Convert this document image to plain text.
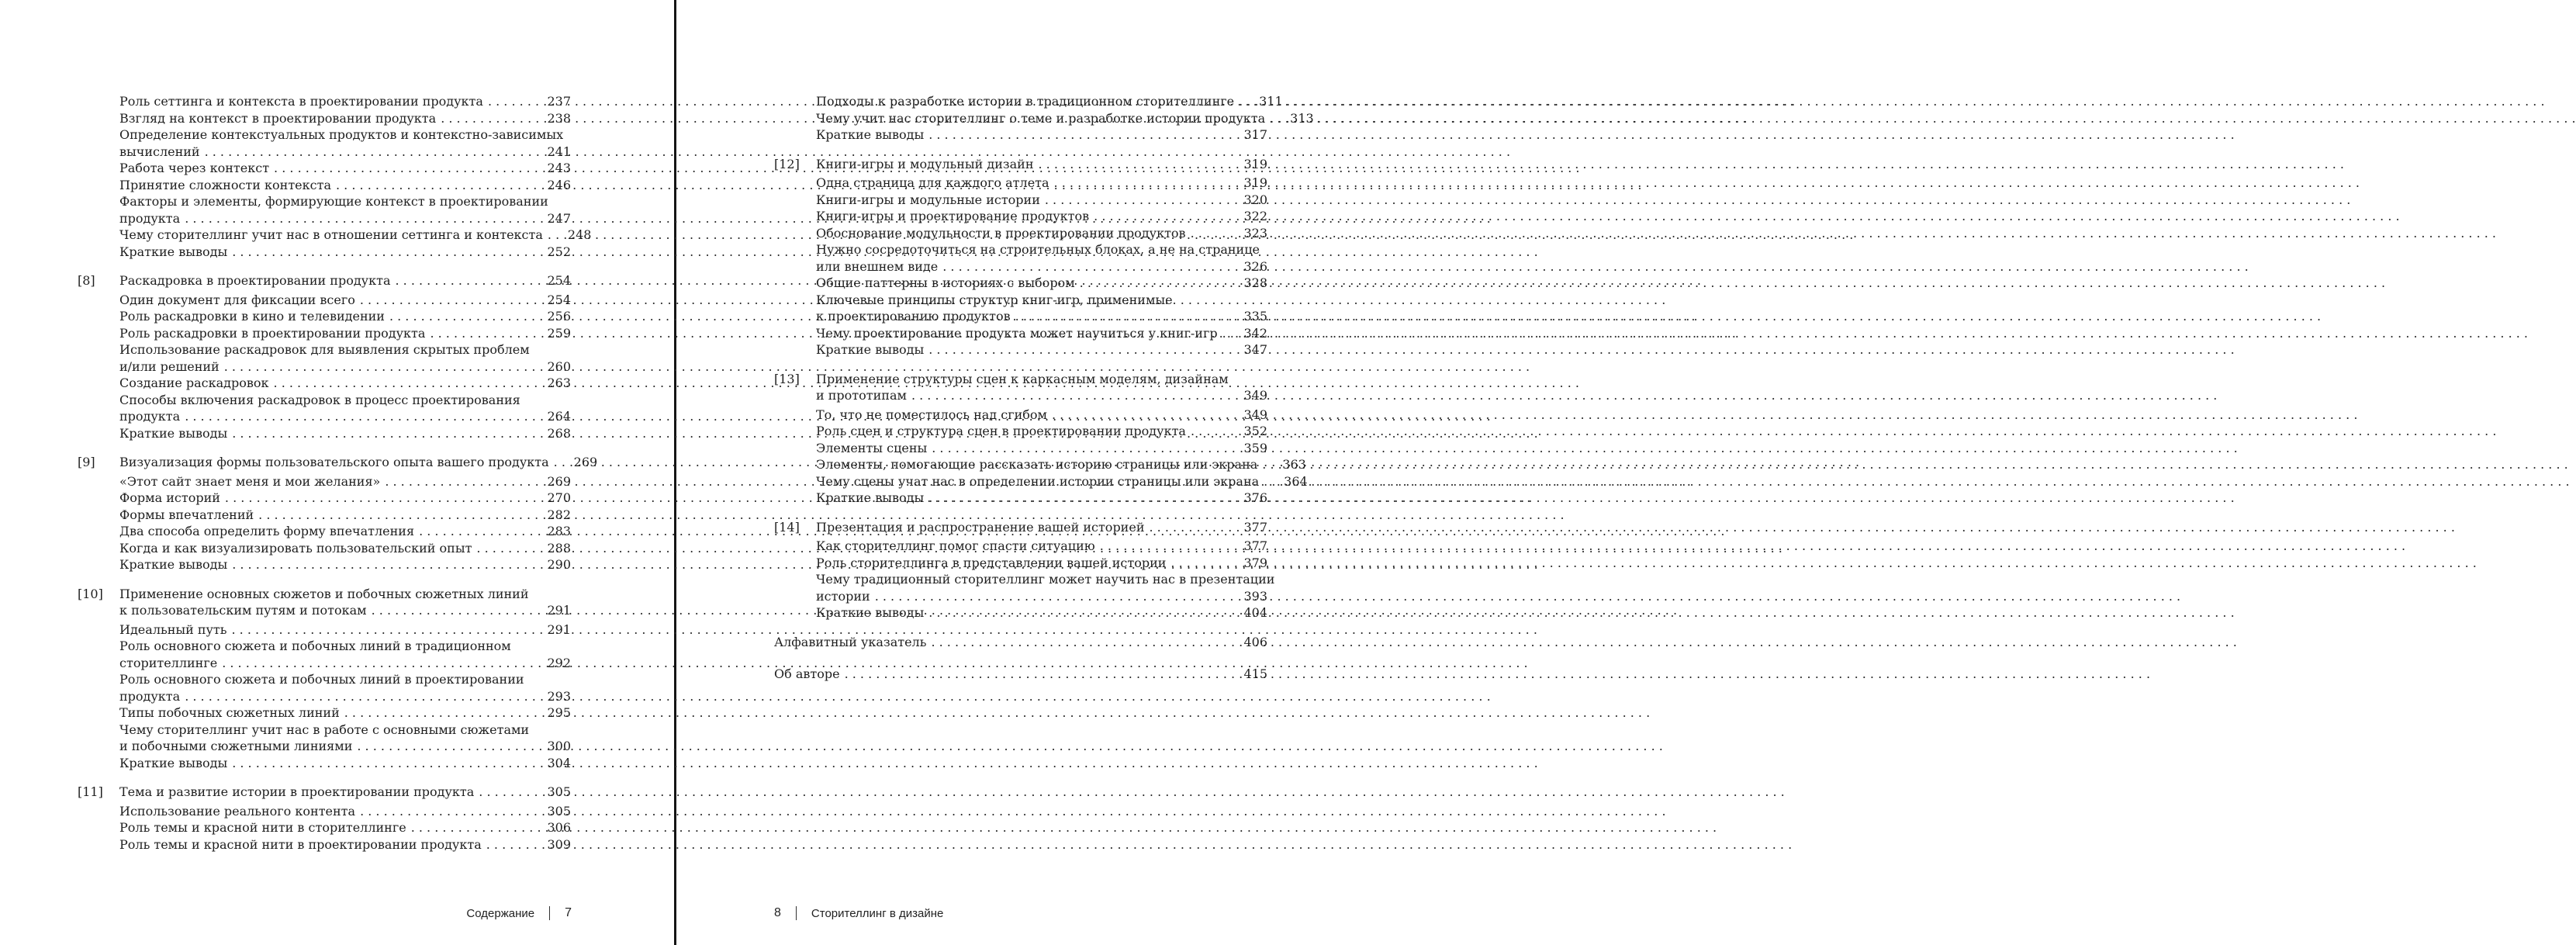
Роль сеттинга и контекста в проектировании продукта . . .	237
Взгляд на контекст в проектировании продукта . . .	238
Определение контекстуальных продуктов и контекстно-зависимых
вычислений . . .	241
Работа через контекст . . .	243
Принятие сложности контекста . . .	246
Факторы и элементы, формирующие контекст в проектировании
продукта . . .	247
Чему сторителлинг учит нас в отношении сеттинга и контекста . . .	248
Краткие выводы . . .	252
[8]	Раскадровка в проектировании продукта . . .	254
Один документ для фиксации всего . . .	254
Роль раскадровки в кино и телевидении . . .	256
Роль раскадровки в проектировании продукта . . .	259
Использование раскадровок для выявления скрытых проблем
и/или решений . . .	260
Создание раскадровок . . .	263
Способы включения раскадровок в процесс проектирования
продукта . . .	264
Краткие выводы . . .	268
[9]	Визуализация формы пользовательского опыта вашего продукта . . .	269
«Этот сайт знает меня и мои желания» . . .	269
Форма историй . . .	270
Формы впечатлений . . .	282
Два способа определить форму впечатления . . .	283
Когда и как визуализировать пользовательский опыт . . .	288
Краткие выводы . . .	290
[10]	Применение основных сюжетов и побочных сюжетных линий
к пользовательским путям и потокам . . .	291
Идеальный путь . . .	291
Роль основного сюжета и побочных линий в традиционном
сторителлинге . . .	292
Роль основного сюжета и побочных линий в проектировании
продукта . . .	293
Типы побочных сюжетных линий . . .	295
Чему сторителлинг учит нас в работе с основными сюжетами
и побочными сюжетными линиями . . .	300
Краткие выводы . . .	304
[11]	Тема и развитие истории в проектировании продукта . . .	305
Использование реального контента . . .	305
Роль темы и красной нити в сторителлинге . . .	306
Роль темы и красной нити в проектировании продукта . . .	309
Содержание 7
Подходы к разработке истории в традиционном сторителлинге . . .	311
Чему учит нас сторителлинг о теме и разработке истории продукта . . .	313
Краткие выводы . . .	317
[12]	Книги-игры и модульный дизайн . . .	319
Одна страница для каждого атлета . . .	319
Книги-игры и модульные истории . . .	320
Книги-игры и проектирование продуктов . . .	322
Обоснование модульности в проектировании продуктов . . .	323
Нужно сосредоточиться на строительных блоках, а не на странице
или внешнем виде . . .	326
Общие паттерны в историях с выбором . . .	328
Ключевые принципы структур книг-игр, применимые
к проектированию продуктов . . .	335
Чему проектирование продукта может научиться у книг-игр . . .	342
Краткие выводы . . .	347
[13]	Применение структуры сцен к каркасным моделям, дизайнам
и прототипам . . .	349
То, что не поместилось над сгибом . . .	349
Роль сцен и структура сцен в проектировании продукта . . .	352
Элементы сцены . . .	359
Элементы, помогающие рассказать историю страницы или экрана . . .	363
Чему сцены учат нас в определении истории страницы или экрана . . .	364
Краткие выводы . . .	376
[14]	Презентация и распространение вашей историей . . .	377
Как сторителлинг помог спасти ситуацию . . .	377
Роль сторителлинга в представлении вашей истории . . .	379
Чему традиционный сторителлинг может научить нас в презентации
истории . . .	393
Краткие выводы . . .	404
Алфавитный указатель . . .	406
Об авторе . . .	415
8	Сторителлинг в дизайне
